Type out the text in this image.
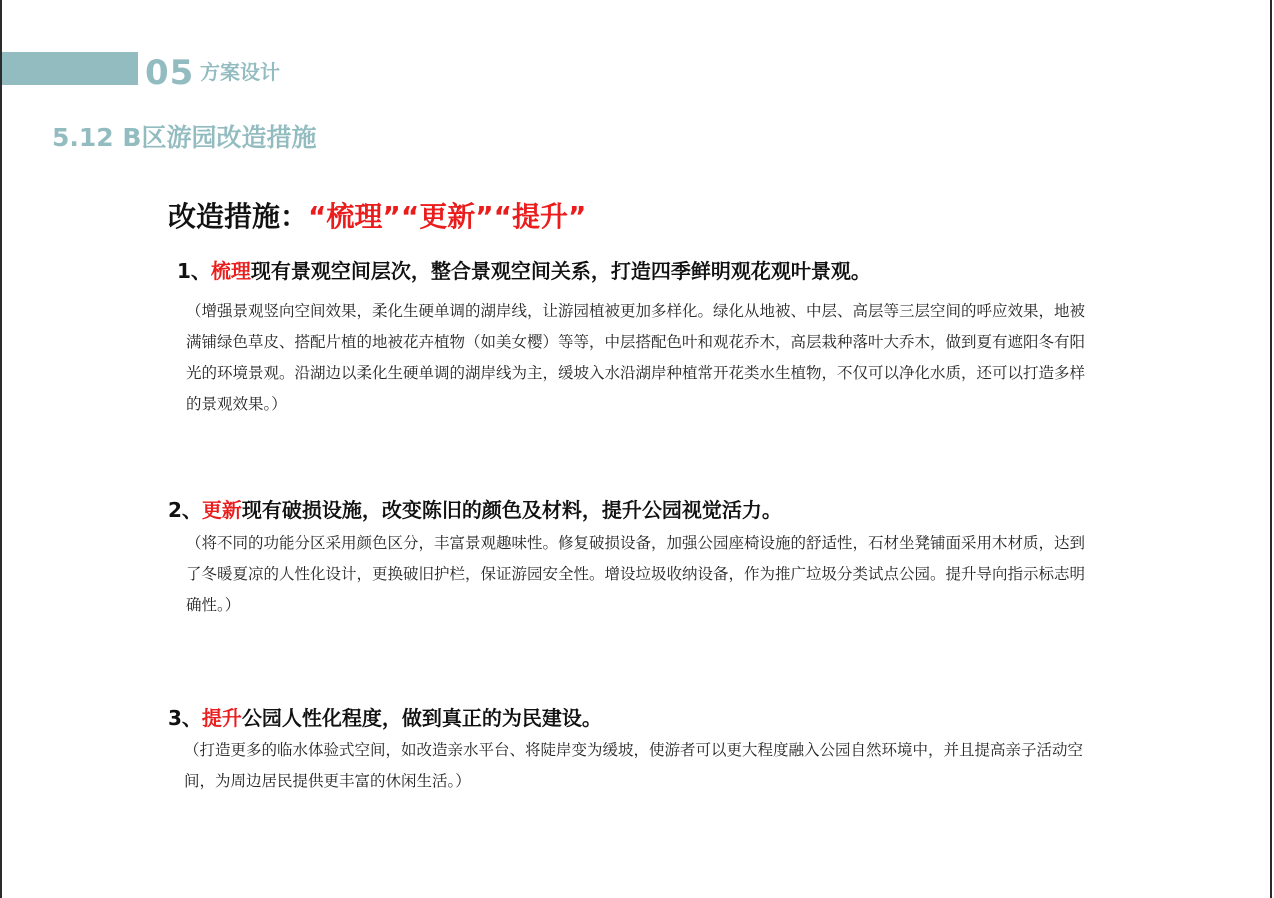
05 方案设计
5.12 B区游园改造措施
改造措施：“梳理”“更新”“提升”
1、梳理现有景观空间层次，整合景观空间关系，打造四季鲜明观花观叶景观。

（增强景观竖向空间效果，柔化生硬单调的湖岸线，让游园植被更加多样化。绿化从地被、中层、高层等三层空间的呼应效果，地被

满铺绿色草皮、搭配片植的地被花卉植物（如美女樱）等等，中层搭配色叶和观花乔木，高层栽种落叶大乔木，做到夏有遮阳冬有阳

光的环境景观。沿湖边以柔化生硬单调的湖岸线为主，缓坡入水沿湖岸种植常开花类水生植物，不仅可以净化水质，还可以打造多样

的景观效果。）

2、更新现有破损设施，改变陈旧的颜色及材料，提升公园视觉活力。

（将不同的功能分区采用颜色区分，丰富景观趣味性。修复破损设备，加强公园座椅设施的舒适性，石材坐凳铺面采用木材质，达到

了冬暖夏凉的人性化设计，更换破旧护栏，保证游园安全性。增设垃圾收纳设备，作为推广垃圾分类试点公园。提升导向指示标志明

确性。）

3、提升公园人性化程度，做到真正的为民建设。

（打造更多的临水体验式空间，如改造亲水平台、将陡岸变为缓坡，使游者可以更大程度融入公园自然环境中，并且提高亲子活动空

间，为周边居民提供更丰富的休闲生活。）
